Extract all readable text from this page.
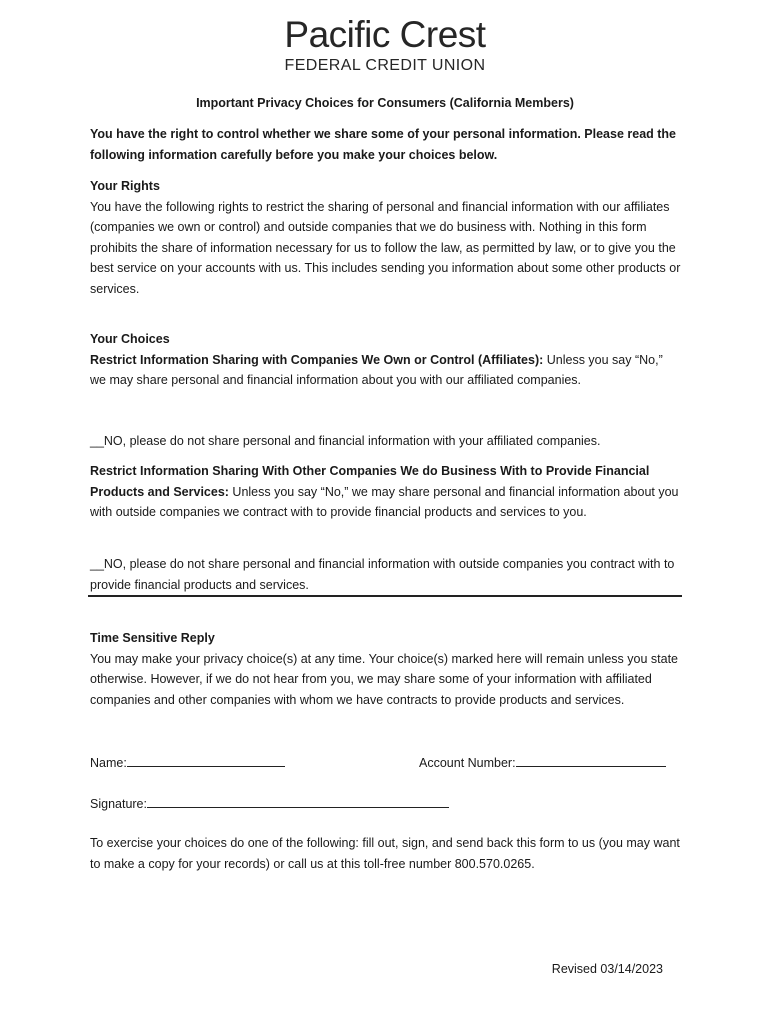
Pacific Crest
FEDERAL CREDIT UNION
Important Privacy Choices for Consumers (California Members)
You have the right to control whether we share some of your personal information. Please read the following information carefully before you make your choices below.

Your Rights

You have the following rights to restrict the sharing of personal and financial information with our affiliates (companies we own or control) and outside companies that we do business with. Nothing in this form prohibits the share of information necessary for us to follow the law, as permitted by law, or to give you the best service on your accounts with us. This includes sending you information about some other products or services.

Your Choices

Restrict Information Sharing with Companies We Own or Control (Affiliates): Unless you say “No,” we may share personal and financial information about you with our affiliated companies.

__NO, please do not share personal and financial information with your affiliated companies.

Restrict Information Sharing With Other Companies We do Business With to Provide Financial Products and Services: Unless you say “No,” we may share personal and financial information about you with outside companies we contract with to provide financial products and services to you.

__NO, please do not share personal and financial information with outside companies you contract with to provide financial products and services.

Time Sensitive Reply

You may make your privacy choice(s) at any time. Your choice(s) marked here will remain unless you state otherwise. However, if we do not hear from you, we may share some of your information with affiliated companies and other companies with whom we have contracts to provide products and services.

Name:	Account Number:
Signature:
To exercise your choices do one of the following: fill out, sign, and send back this form to us (you may want to make a copy for your records) or call us at this toll-free number 800.570.0265.
Revised 03/14/2023
